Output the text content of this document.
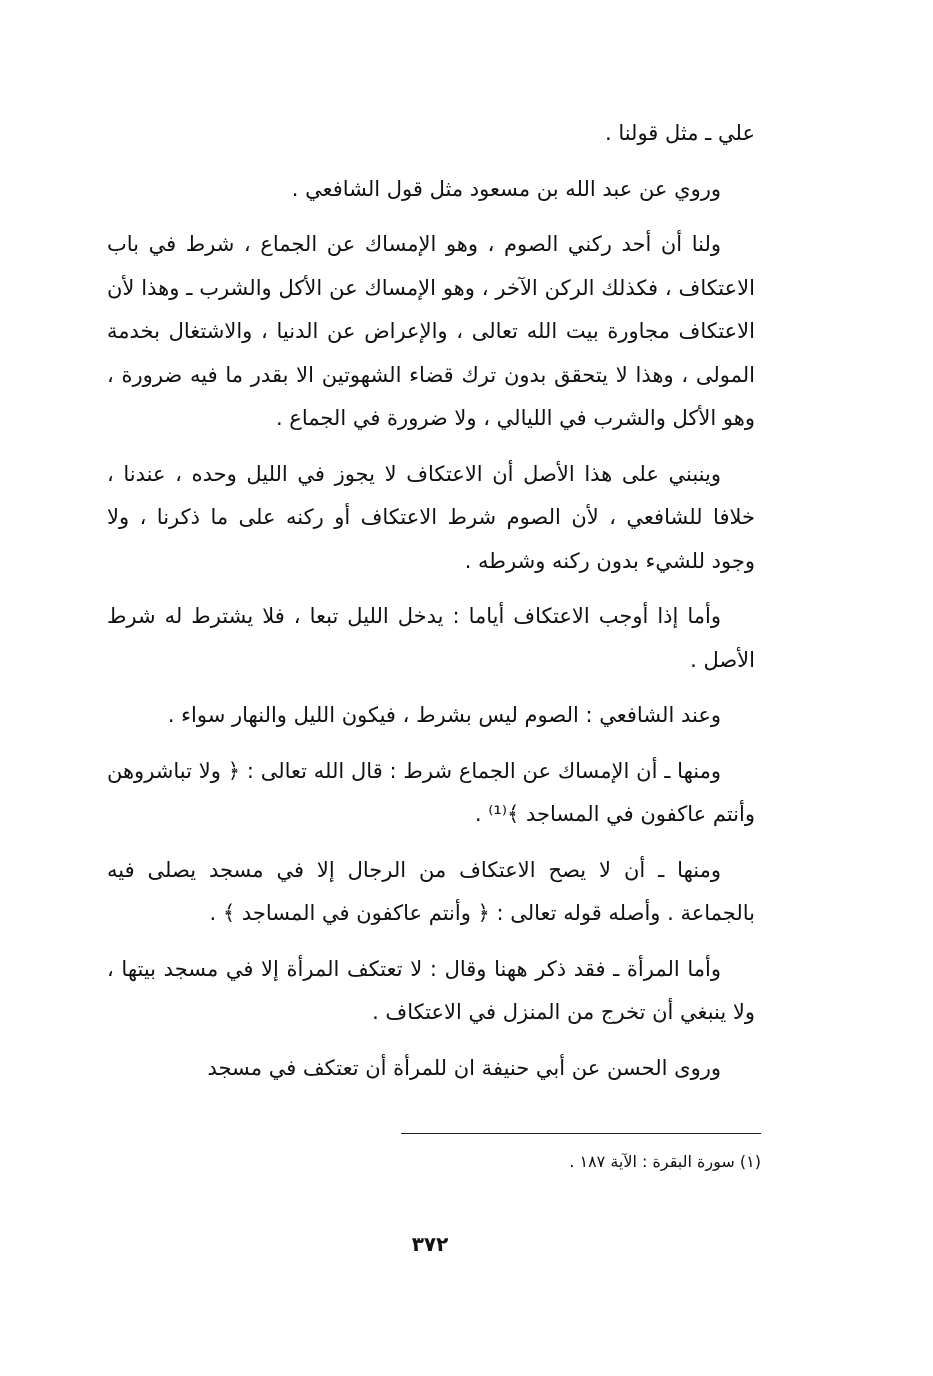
علي ـ مثل قولنا .

وروي عن عبد الله بن مسعود مثل قول الشافعي .

ولنا أن أحد ركني الصوم ، وهو الإمساك عن الجماع ، شرط في باب الاعتكاف ، فكذلك الركن الآخر ، وهو الإمساك عن الأكل والشرب ـ وهذا لأن الاعتكاف مجاورة بيت الله تعالى ، والإعراض عن الدنيا ، والاشتغال بخدمة المولى ، وهذا لا يتحقق بدون ترك قضاء الشهوتين الا بقدر ما فيه ضرورة ، وهو الأكل والشرب في الليالي ، ولا ضرورة في الجماع .

وينبني على هذا الأصل أن الاعتكاف لا يجوز في الليل وحده ، عندنا ، خلافا للشافعي ، لأن الصوم شرط الاعتكاف أو ركنه على ما ذكرنا ، ولا وجود للشيء بدون ركنه وشرطه .

وأما إذا أوجب الاعتكاف أياما : يدخل الليل تبعا ، فلا يشترط له شرط الأصل .

وعند الشافعي : الصوم ليس بشرط ، فيكون الليل والنهار سواء .

ومنها ـ أن الإمساك عن الجماع شرط : قال الله تعالى : ﴿ ولا تباشروهن وأنتم عاكفون في المساجد ﴾⁽¹⁾ .

ومنها ـ أن لا يصح الاعتكاف من الرجال إلا في مسجد يصلى فيه بالجماعة . وأصله قوله تعالى : ﴿ وأنتم عاكفون في المساجد ﴾ .

وأما المرأة ـ فقد ذكر ههنا وقال : لا تعتكف المرأة إلا في مسجد بيتها ، ولا ينبغي أن تخرج من المنزل في الاعتكاف .

وروى الحسن عن أبي حنيفة ان للمرأة أن تعتكف في مسجد

(١) سورة البقرة : الآية ١٨٧ .
٣٧٢
